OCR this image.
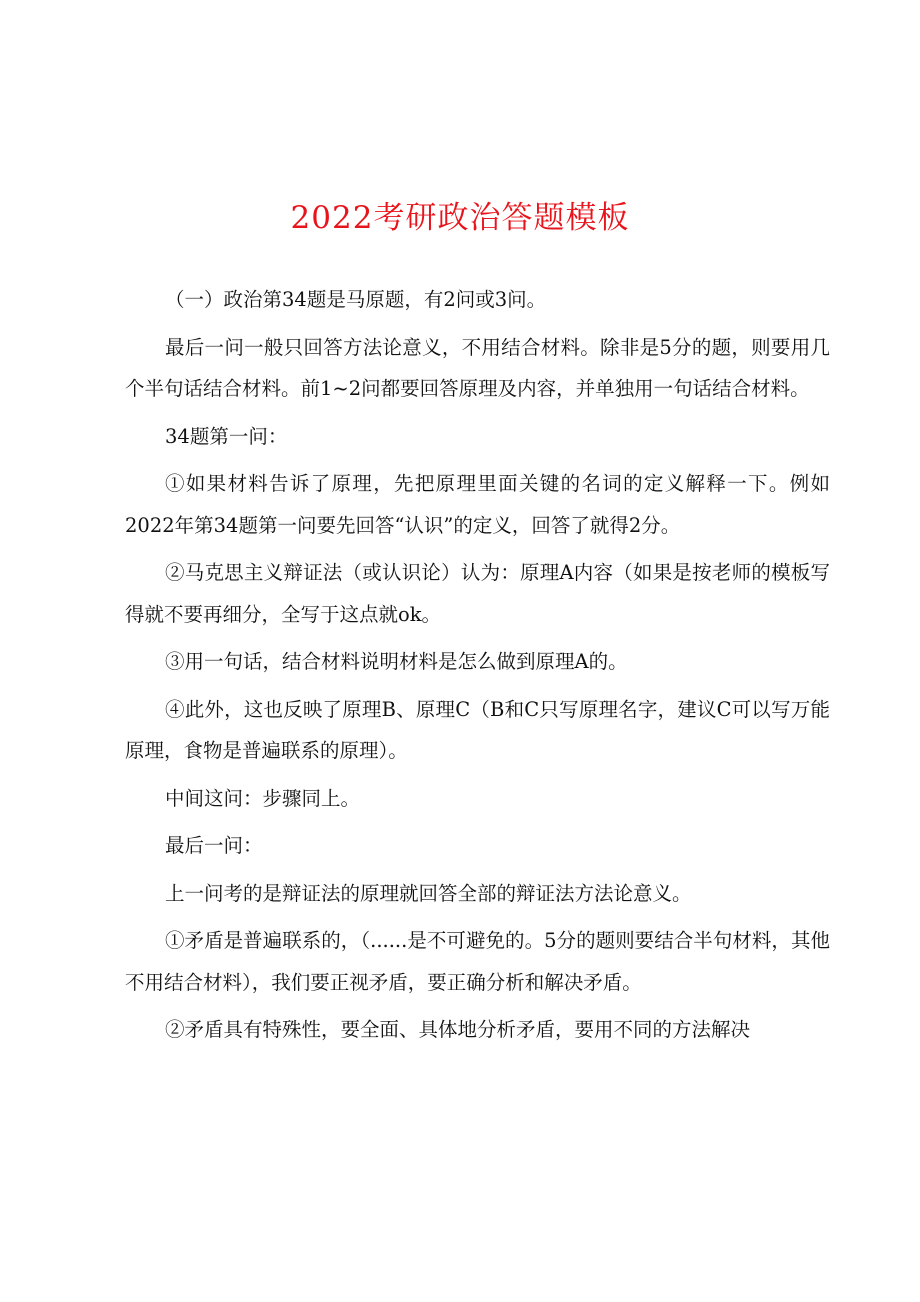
2022考研政治答题模板

（一）政治第34题是马原题，有2问或3问。

最后一问一般只回答方法论意义，不用结合材料。除非是5分的题，则要用几个半句话结合材料。前1~2问都要回答原理及内容，并单独用一句话结合材料。

34题第一问：

①如果材料告诉了原理，先把原理里面关键的名词的定义解释一下。例如2022年第34题第一问要先回答“认识”的定义，回答了就得2分。

②马克思主义辩证法（或认识论）认为：原理A内容（如果是按老师的模板写得就不要再细分，全写于这点就ok。

③用一句话，结合材料说明材料是怎么做到原理A的。

④此外，这也反映了原理B、原理C（B和C只写原理名字，建议C可以写万能原理，食物是普遍联系的原理）。

中间这问：步骤同上。

最后一问：

上一问考的是辩证法的原理就回答全部的辩证法方法论意义。

①矛盾是普遍联系的，（......是不可避免的。5分的题则要结合半句材料，其他不用结合材料），我们要正视矛盾，要正确分析和解决矛盾。

②矛盾具有特殊性，要全面、具体地分析矛盾，要用不同的方法解决
